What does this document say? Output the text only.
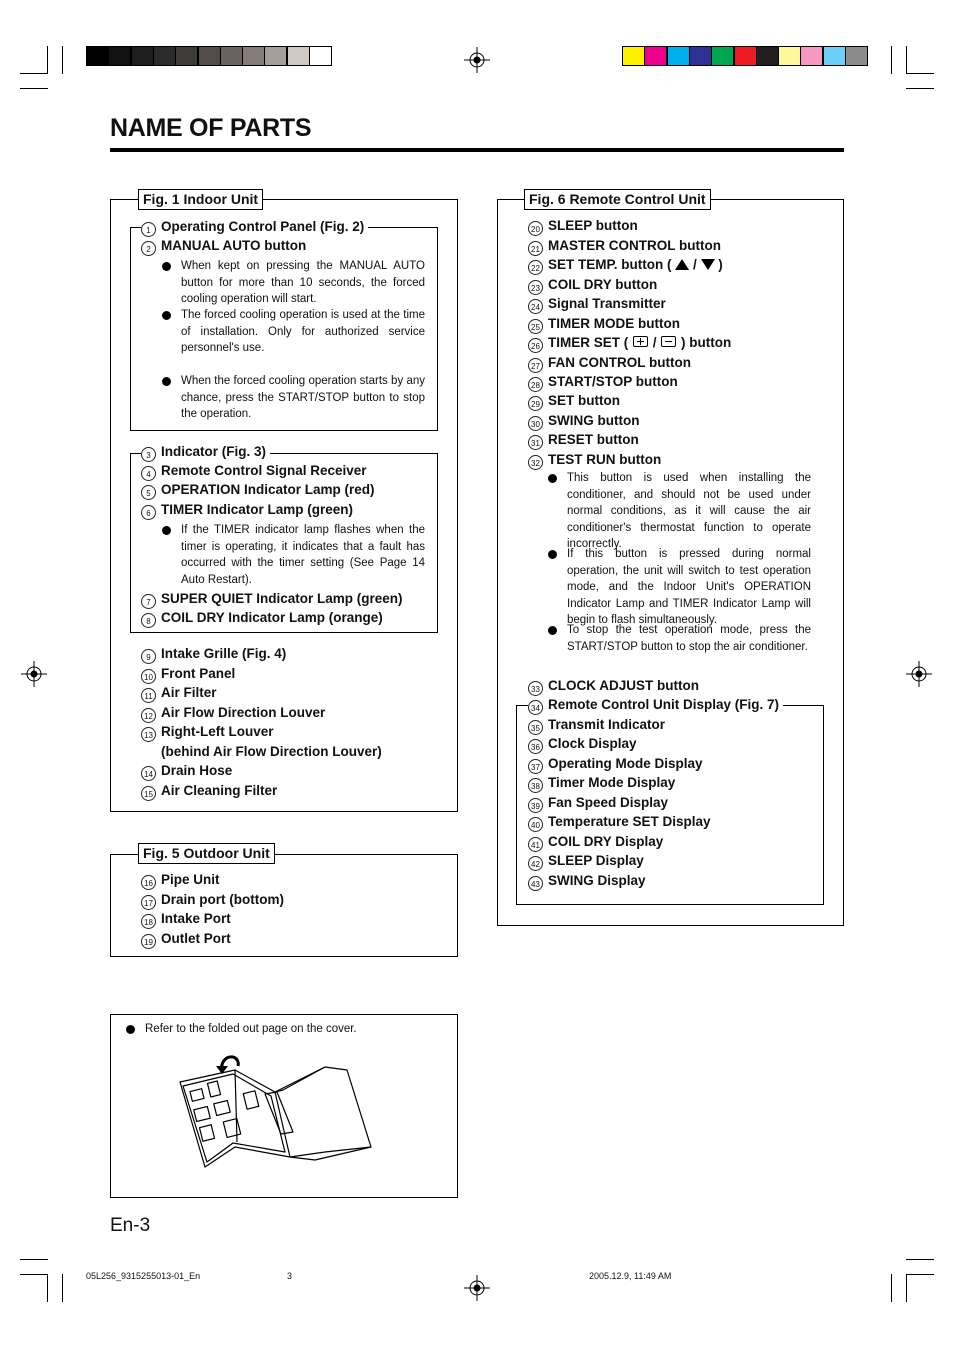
NAME OF PARTS
Fig. 1 Indoor Unit
1 Operating Control Panel (Fig. 2)
2 MANUAL AUTO button
When kept on pressing the MANUAL AUTO button for more than 10 seconds, the forced cooling operation will start.
The forced cooling operation is used at the time of installation. Only for authorized service personnel's use.
When the forced cooling operation starts by any chance, press the START/STOP button to stop the operation.
3 Indicator (Fig. 3)
4 Remote Control Signal Receiver
5 OPERATION Indicator Lamp (red)
6 TIMER Indicator Lamp (green)
If the TIMER indicator lamp flashes when the timer is operating, it indicates that a fault has occurred with the timer setting (See Page 14 Auto Restart).
7 SUPER QUIET Indicator Lamp (green)
8 COIL DRY Indicator Lamp (orange)
9 Intake Grille (Fig. 4)
10 Front Panel
11 Air Filter
12 Air Flow Direction Louver
13 Right-Left Louver
(behind Air Flow Direction Louver)
14 Drain Hose
15 Air Cleaning Filter
Fig. 5 Outdoor Unit
16 Pipe Unit
17 Drain port (bottom)
18 Intake Port
19 Outlet Port
Refer to the folded out page on the cover.
Fig. 6 Remote Control Unit
20 SLEEP button
21 MASTER CONTROL button
22 SET TEMP. button (  /  )
23 COIL DRY button
24 Signal Transmitter
25 TIMER MODE button
26 TIMER SET (  /  ) button
27 FAN CONTROL button
28 START/STOP button
29 SET button
30 SWING button
31 RESET button
32 TEST RUN button
This button is used when installing the conditioner, and should not be used under normal conditions, as it will cause the air conditioner's thermostat function to operate incorrectly.
If this button is pressed during normal operation, the unit will switch to test operation mode, and the Indoor Unit's OPERATION Indicator Lamp and TIMER Indicator Lamp will begin to flash simultaneously.
To stop the test operation mode, press the START/STOP button to stop the air conditioner.
33 CLOCK ADJUST button
34 Remote Control Unit Display (Fig. 7)
35 Transmit Indicator
36 Clock Display
37 Operating Mode Display
38 Timer Mode Display
39 Fan Speed Display
40 Temperature SET Display
41 COIL DRY Display
42 SLEEP Display
43 SWING Display
En-3
05L256_9315255013-01_En	3	2005.12.9, 11:49 AM
